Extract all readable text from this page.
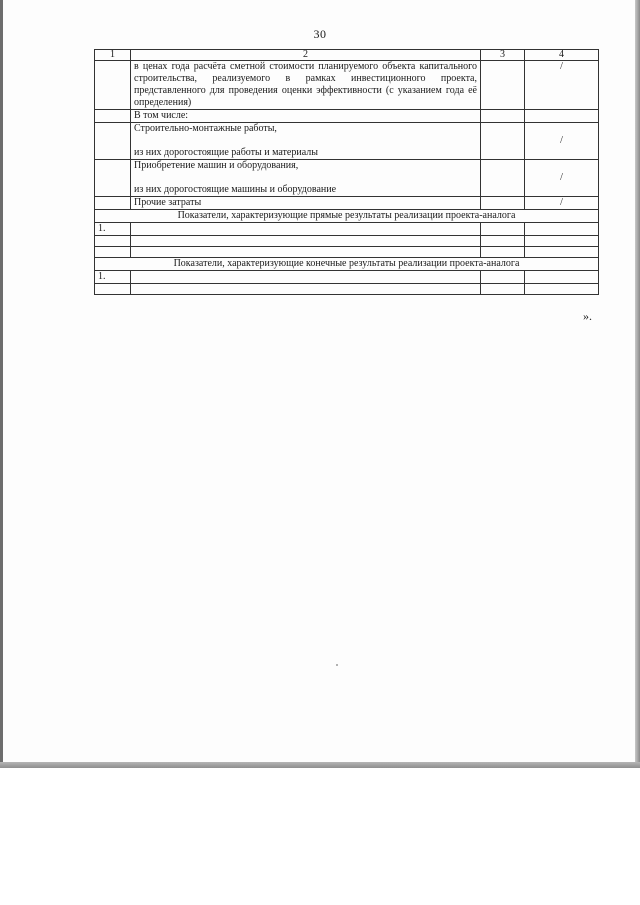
30
1	2	3	4
	в ценах года расчёта сметной стоимости планируемого объекта капитального строительства, реализуемого в рамках инвестиционного проекта, представленного для проведения оценки эффективности (с указанием года её определения)		/
	В том числе:		
	Строительно-монтажные работы,
из них дорогостоящие работы и материалы		/
	Приобретение машин и оборудования,
из них дорогостоящие машины и оборудование		/
	Прочие затраты		/
Показатели, характеризующие прямые результаты реализации проекта-аналога			
1.			

Показатели, характеризующие конечные результаты реализации проекта-аналога			
1.			

».
